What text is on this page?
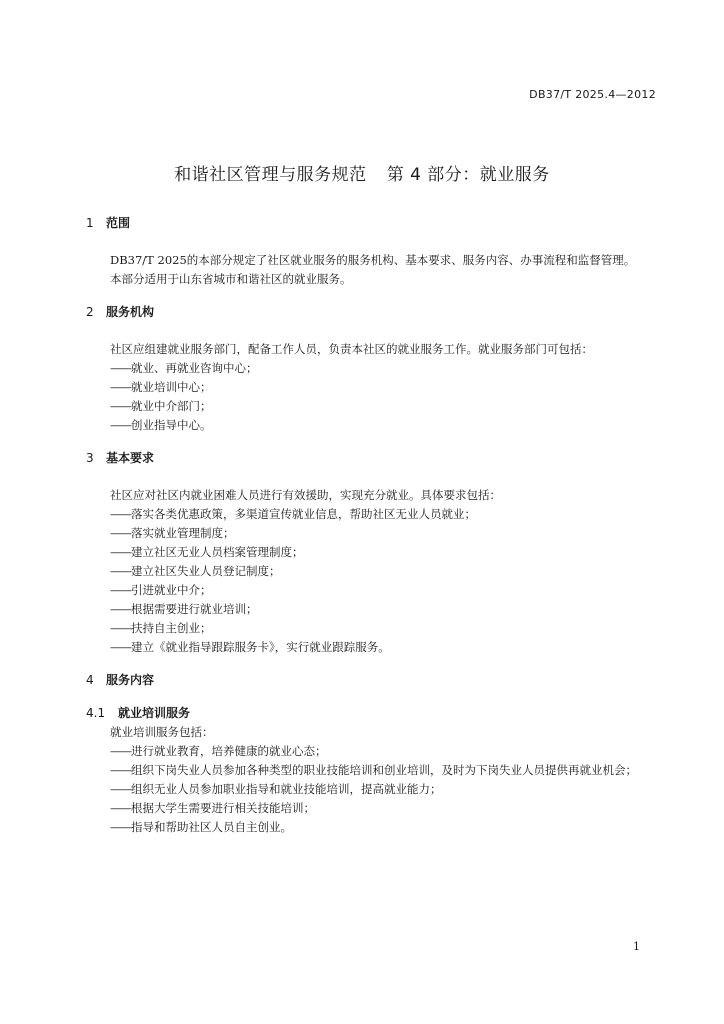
DB37/T 2025.4—2012
和谐社区管理与服务规范 第 4 部分：就业服务
1	范围

DB37/T 2025的本部分规定了社区就业服务的服务机构、基本要求、服务内容、办事流程和监督管理。

本部分适用于山东省城市和谐社区的就业服务。

2	服务机构

社区应组建就业服务部门，配备工作人员，负责本社区的就业服务工作。就业服务部门可包括：

——就业、再就业咨询中心；
——就业培训中心；
——就业中介部门；
——创业指导中心。
3	基本要求

社区应对社区内就业困难人员进行有效援助，实现充分就业。具体要求包括：

——落实各类优惠政策，多渠道宣传就业信息，帮助社区无业人员就业；
——落实就业管理制度；
——建立社区无业人员档案管理制度；
——建立社区失业人员登记制度；
——引进就业中介；
——根据需要进行就业培训；
——扶持自主创业；
——建立《就业指导跟踪服务卡》，实行就业跟踪服务。
4	服务内容
4.1	就业培训服务

就业培训服务包括：

——进行就业教育，培养健康的就业心态；
——组织下岗失业人员参加各种类型的职业技能培训和创业培训，及时为下岗失业人员提供再就业机会；
——组织无业人员参加职业指导和就业技能培训，提高就业能力；
——根据大学生需要进行相关技能培训；
——指导和帮助社区人员自主创业。
1
